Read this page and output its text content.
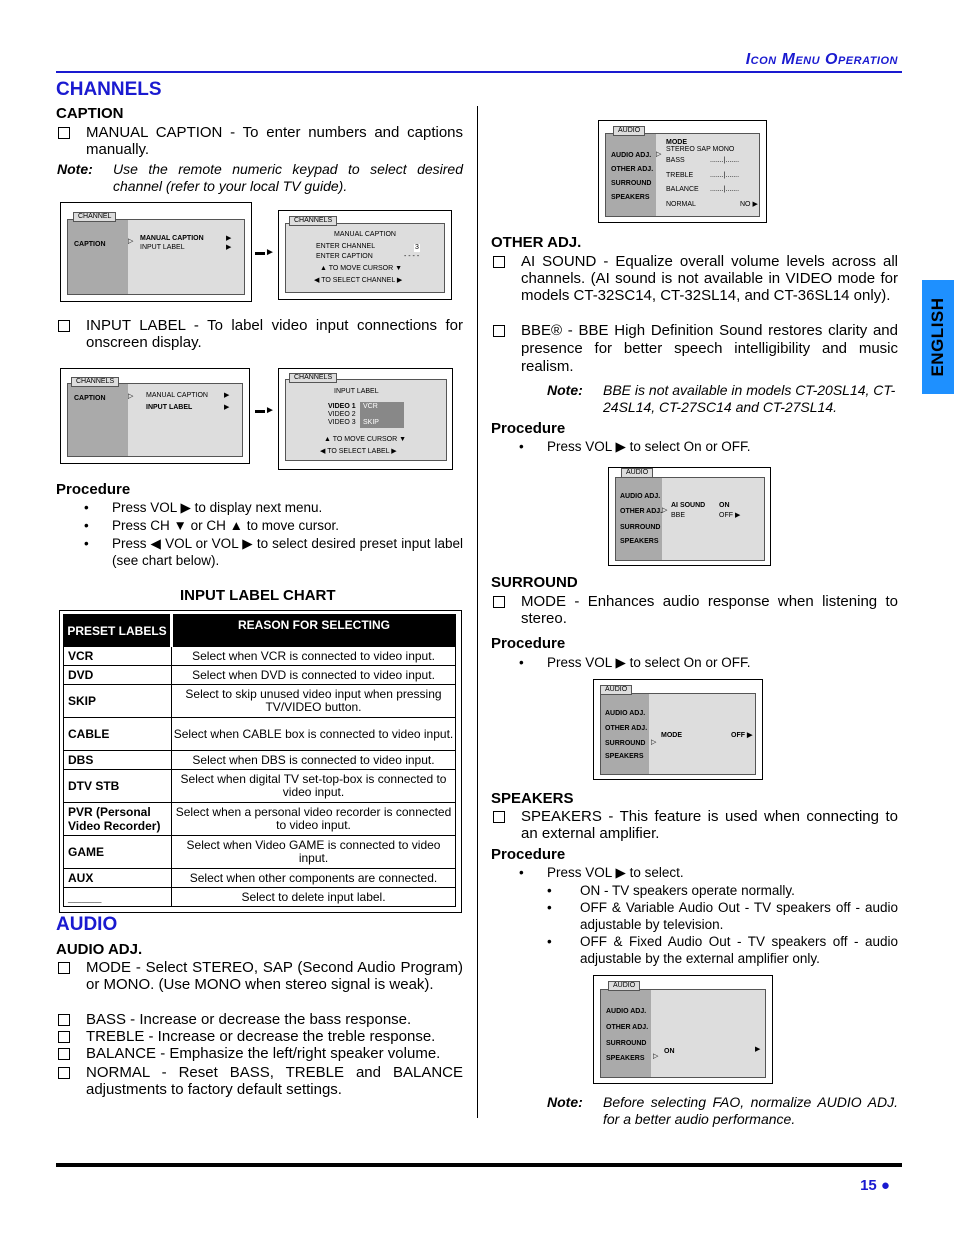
Icon Menu Operation
ENGLISH
CHANNELS
CAPTION
MANUAL CAPTION - To enter numbers and captions manually.
Note: Use the remote numeric keypad to select desired channel (refer to your local TV guide).
CAPTION	▷ MANUAL CAPTION
INPUT LABEL
▶
▶
CHANNEL
▬►
MANUAL CAPTION
ENTER CHANNEL	3
ENTER CAPTION	- - - -
▲ TO MOVE CURSOR ▼
◀ TO SELECT CHANNEL ▶
CHANNELS
INPUT LABEL - To label video input connections for onscreen display.
CAPTION	▷ MANUAL CAPTION
INPUT LABEL
▶
▶
CHANNELS
▬►
INPUT LABEL
VIDEO 1
VIDEO 2
VIDEO 3
VCR
SKIP
▲ TO MOVE CURSOR ▼
◀ TO SELECT LABEL ▶
CHANNELS
Procedure
• Press VOL ▶ to display next menu.
• Press CH ▼ or CH ▲ to move cursor.
• Press ◀ VOL or VOL ▶ to select desired preset input label (see chart below).
INPUT LABEL CHART
PRESET LABELS	REASON FOR SELECTING
VCR	Select when VCR is connected to video input.
DVD	Select when DVD is connected to video input.
SKIP	Select to skip unused video input when pressing TV/VIDEO button.
CABLE	Select when CABLE box is connected to video input.
DBS	Select when DBS is connected to video input.
DTV STB	Select when digital TV set-top-box is connected to video input.
PVR (Personal Video Recorder)	Select when a personal video recorder is connected to video input.
GAME	Select when Video GAME is connected to video input.
AUX	Select when other components are connected.
_____	Select to delete input label.
AUDIO
AUDIO ADJ.
MODE - Select STEREO, SAP (Second Audio Program) or MONO. (Use MONO when stereo signal is weak).
BASS - Increase or decrease the bass response.
TREBLE - Increase or decrease the treble response.
BALANCE - Emphasize the left/right speaker volume.
NORMAL - Reset BASS, TREBLE and BALANCE adjustments to factory default settings.
AUDIO ADJ.
OTHER ADJ.
SURROUND
SPEAKERS
▷
MODE
STEREO SAP MONO
BASS
TREBLE
BALANCE
NORMAL
.......|.......
.......|.......
.......|.......
NO ▶
AUDIO
OTHER ADJ.
AI SOUND - Equalize overall volume levels across all channels. (AI sound is not available in VIDEO mode for models CT-32SC14, CT-32SL14, and CT-36SL14 only).
BBE® - BBE High Definition Sound restores clarity and presence for better speech intelligibility and music realism.
Note: BBE is not available in models CT-20SL14, CT-24SL14, CT-27SC14 and CT-27SL14.
Procedure
• Press VOL ▶ to select On or OFF.
AUDIO ADJ.
OTHER ADJ.
SURROUND
SPEAKERS
▷
AI SOUND
BBE
ON
OFF ▶
AUDIO
SURROUND
MODE - Enhances audio response when listening to stereo.
Procedure
• Press VOL ▶ to select On or OFF.
AUDIO ADJ.
OTHER ADJ.
SURROUND
SPEAKERS
▷
MODE	OFF ▶
AUDIO
SPEAKERS
SPEAKERS - This feature is used when connecting to an external amplifier.
Procedure
• Press VOL ▶ to select.
• ON - TV speakers operate normally.
• OFF & Variable Audio Out - TV speakers off - audio adjustable by television.
• OFF & Fixed Audio Out - TV speakers off - audio adjustable by the external amplifier only.
AUDIO ADJ.
OTHER ADJ.
SURROUND
SPEAKERS ▷
ON	▶
AUDIO
Note: Before selecting FAO, normalize AUDIO ADJ. for a better audio performance.
15 ●
